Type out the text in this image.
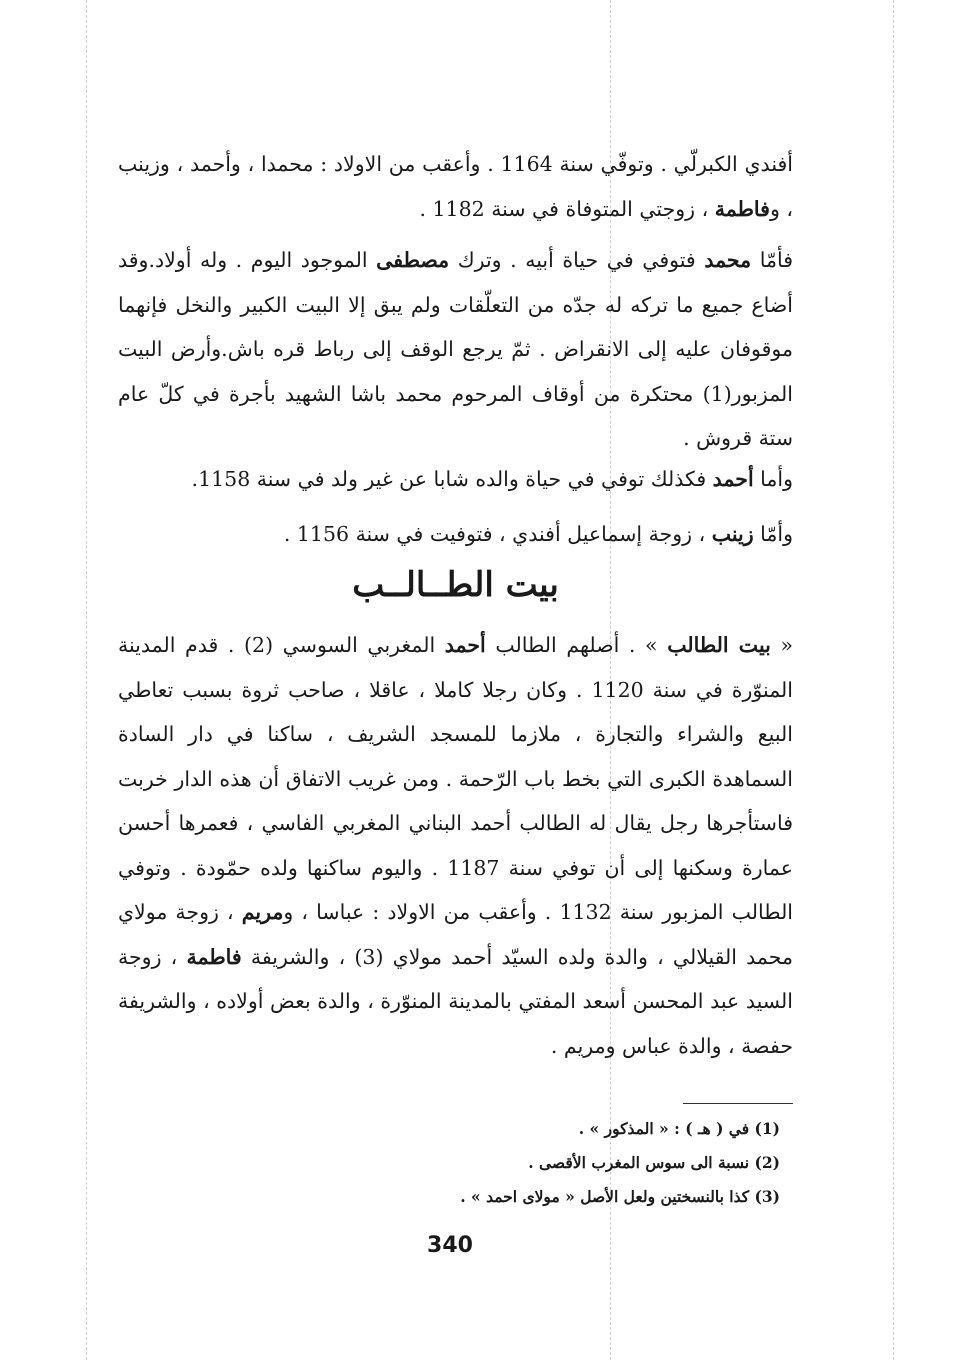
أفندي الكبرلّي . وتوفّي سنة 1164 . وأعقب من الاولاد : محمدا ، وأحمد ، وزينب ، وفاطمة ، زوجتي المتوفاة في سنة 1182 .

فأمّا محمد فتوفي في حياة أبيه . وترك مصطفى الموجود اليوم . وله أولاد.وقد أضاع جميع ما تركه له جدّه من التعلّقات ولم يبق إلا البيت الكبير والنخل فإنهما موقوفان عليه إلى الانقراض . ثمّ يرجع الوقف إلى رباط قره باش.وأرض البيت المزبور(1) محتكرة من أوقاف المرحوم محمد باشا الشهيد بأجرة في كلّ عام ستة قروش .

وأما أحمد فكذلك توفي في حياة والده شابا عن غير ولد في سنة 1158.

وأمّا زينب ، زوجة إسماعيل أفندي ، فتوفيت في سنة 1156 .

بيت الطــالــب

« بيت الطالب » . أصلهم الطالب أحمد المغربي السوسي (2) . قدم المدينة المنوّرة في سنة 1120 . وكان رجلا كاملا ، عاقلا ، صاحب ثروة بسبب تعاطي البيع والشراء والتجارة ، ملازما للمسجد الشريف ، ساكنا في دار السادة السماهدة الكبرى التي بخط باب الرّحمة . ومن غريب الاتفاق أن هذه الدار خربت فاستأجرها رجل يقال له الطالب أحمد البناني المغربي الفاسي ، فعمرها أحسن عمارة وسكنها إلى أن توفي سنة 1187 . واليوم ساكنها ولده حمّودة . وتوفي الطالب المزبور سنة 1132 . وأعقب من الاولاد : عباسا ، ومريم ، زوجة مولاي محمد القيلالي ، والدة ولده السيّد أحمد مولاي (3) ، والشريفة فاطمة ، زوجة السيد عبد المحسن أسعد المفتي بالمدينة المنوّرة ، والدة بعض أولاده ، والشريفة حفصة ، والدة عباس ومريم .

(1) في ( هـ ) : « المذكور » .

(2) نسبة الى سوس المغرب الأقصى .

(3) كذا بالنسختين ولعل الأصل « مولاى احمد » .

340
